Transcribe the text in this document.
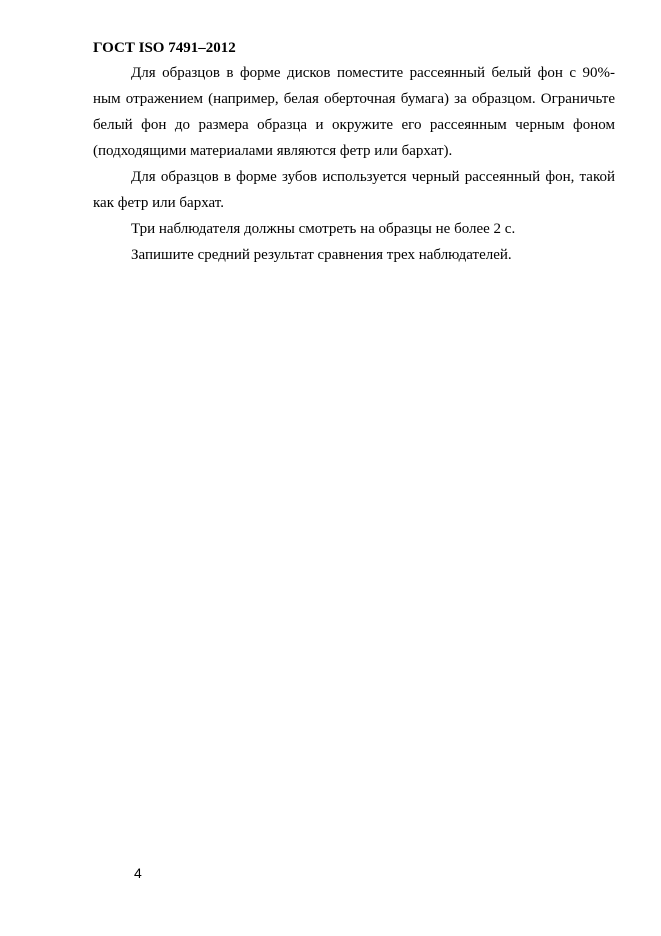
ГОСТ ISO 7491–2012

Для образцов в форме дисков поместите рассеянный белый фон с 90%-ным отражением (например, белая оберточная бумага) за образцом. Ограничьте белый фон до размера образца и окружите его рассеянным черным фоном (подходящими материалами являются фетр или бархат).

Для образцов в форме зубов используется черный рассеянный фон, такой как фетр или бархат.

Три наблюдателя должны смотреть на образцы не более 2 с.

Запишите средний результат сравнения трех наблюдателей.

4
